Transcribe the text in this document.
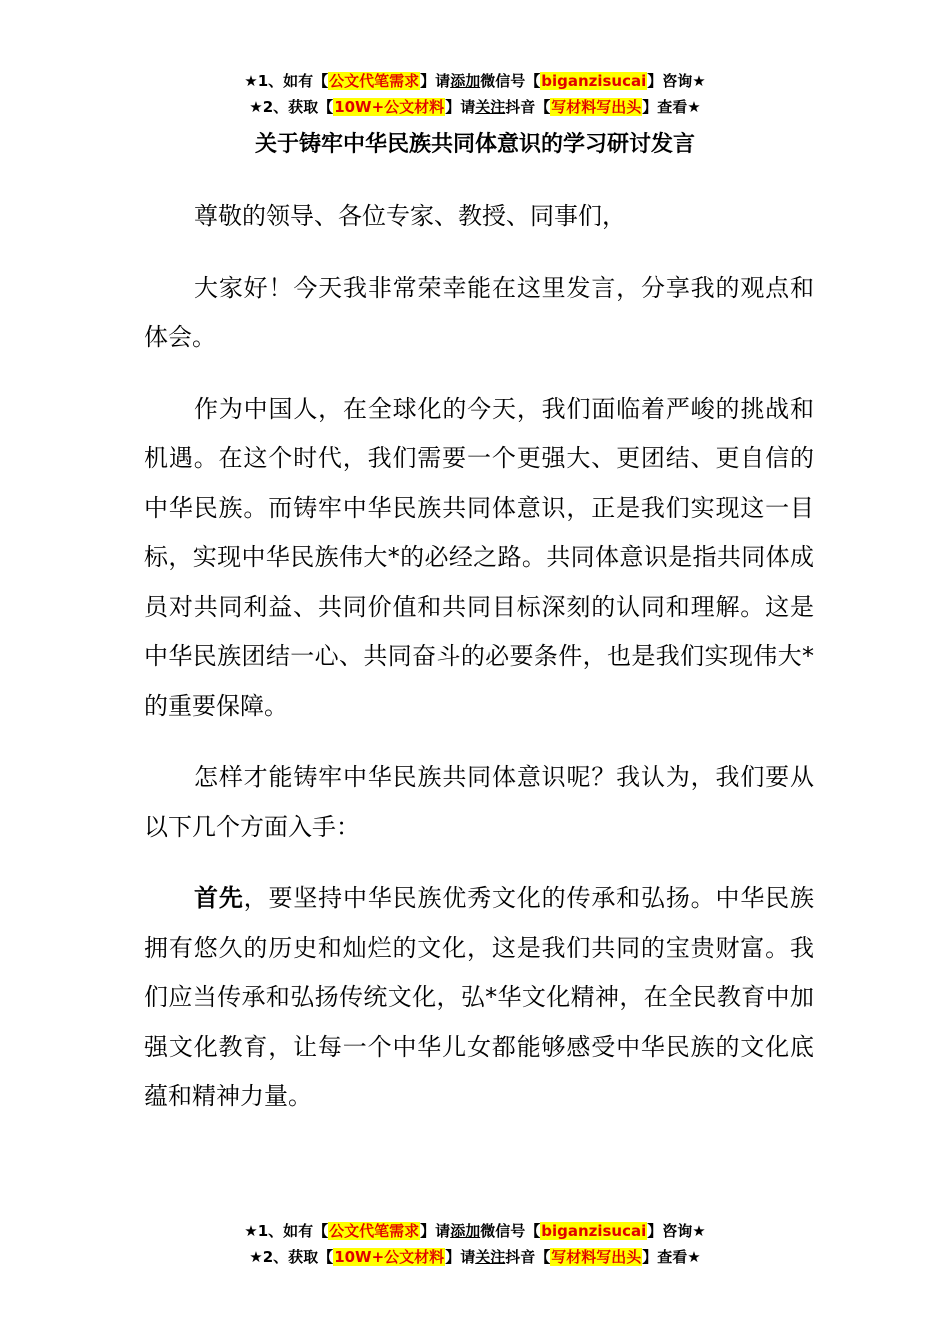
★1、如有【公文代笔需求】请添加微信号【biganzisucai】咨询★
★2、获取【10W+公文材料】请关注抖音【写材料写出头】查看★
关于铸牢中华民族共同体意识的学习研讨发言

尊敬的领导、各位专家、教授、同事们，

大家好！今天我非常荣幸能在这里发言，分享我的观点和体会。

作为中国人，在全球化的今天，我们面临着严峻的挑战和机遇。在这个时代，我们需要一个更强大、更团结、更自信的中华民族。而铸牢中华民族共同体意识，正是我们实现这一目标，实现中华民族伟大*的必经之路。共同体意识是指共同体成员对共同利益、共同价值和共同目标深刻的认同和理解。这是中华民族团结一心、共同奋斗的必要条件，也是我们实现伟大*的重要保障。

怎样才能铸牢中华民族共同体意识呢？我认为，我们要从以下几个方面入手：

首先，要坚持中华民族优秀文化的传承和弘扬。中华民族拥有悠久的历史和灿烂的文化，这是我们共同的宝贵财富。我们应当传承和弘扬传统文化，弘*华文化精神，在全民教育中加强文化教育，让每一个中华儿女都能够感受中华民族的文化底蕴和精神力量。

★1、如有【公文代笔需求】请添加微信号【biganzisucai】咨询★
★2、获取【10W+公文材料】请关注抖音【写材料写出头】查看★
